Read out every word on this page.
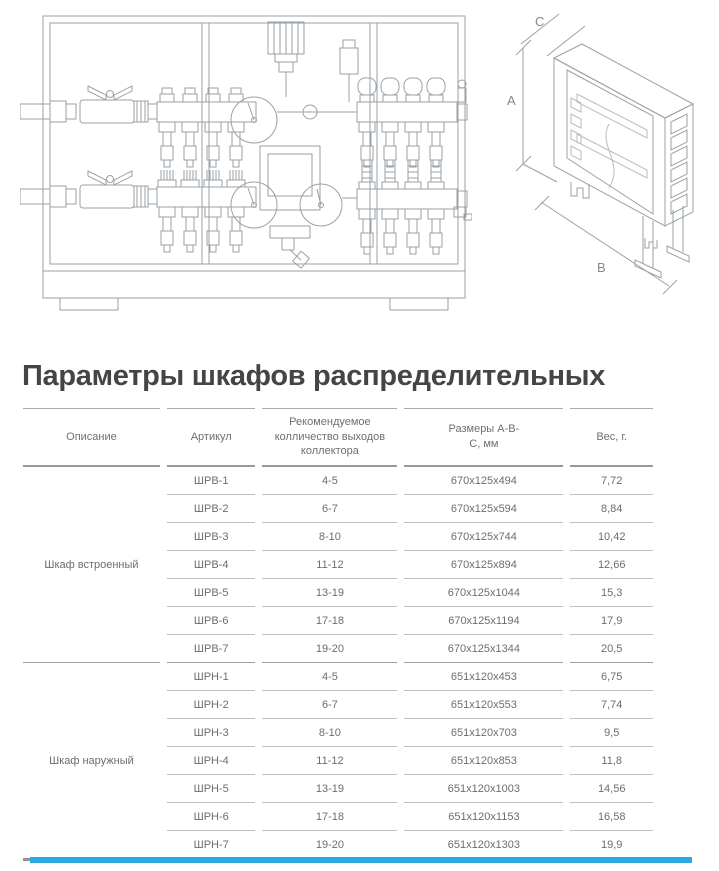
C
A
B
Параметры шкафов распределительных
Описание	Артикул	Рекомендуемое колличество выходов коллектора	Размеры А-В-С, мм	Вес, г.
Шкаф встроенный	ШРВ-1	4-5	670x125x494	7,72
	ШРВ-2	6-7	670x125x594	8,84
	ШРВ-3	8-10	670x125x744	10,42
	ШРВ-4	11-12	670x125x894	12,66
	ШРВ-5	13-19	670x125x1044	15,3
	ШРВ-6	17-18	670x125x1194	17,9
	ШРВ-7	19-20	670x125x1344	20,5
Шкаф наружный	ШРН-1	4-5	651x120x453	6,75
	ШРН-2	6-7	651x120x553	7,74
	ШРН-3	8-10	651x120x703	9,5
	ШРН-4	11-12	651x120x853	11,8
	ШРН-5	13-19	651x120x1003	14,56
	ШРН-6	17-18	651x120x1153	16,58
	ШРН-7	19-20	651x120x1303	19,9
